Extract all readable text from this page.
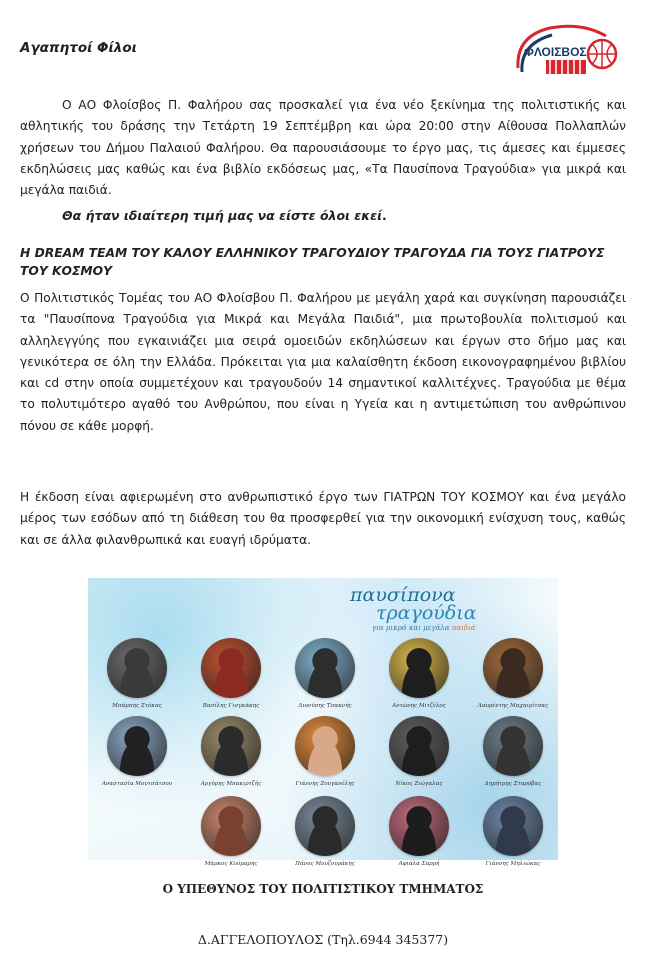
Αγαπητοί Φίλοι	ΦΛΟΙΣΒΟΣ

Ο ΑΟ Φλοίσβος Π. Φαλήρου σας προσκαλεί για ένα νέο ξεκίνημα της πολιτιστικής και αθλητικής του δράσης την Τετάρτη 19 Σεπτέμβρη και ώρα 20:00 στην Αίθουσα Πολλαπλών χρήσεων του Δήμου Παλαιού Φαλήρου. Θα παρουσιάσουμε το έργο μας, τις άμεσες και έμμεσες εκδηλώσεις μας καθώς και ένα βιβλίο εκδόσεως μας, «Τα Παυσίπονα Τραγούδια» για μικρά και μεγάλα παιδιά.

Θα ήταν ιδιαίτερη τιμή μας να είστε όλοι εκεί.

Η DREAM TEAM ΤΟΥ ΚΑΛΟΥ ΕΛΛΗΝΙΚΟΥ ΤΡΑΓΟΥΔΙΟΥ ΤΡΑΓΟΥΔΑ ΓΙΑ ΤΟΥΣ ΓΙΑΤΡΟΥΣ ΤΟΥ ΚΟΣΜΟΥ

Ο Πολιτιστικός Τομέας του ΑΟ Φλοίσβου Π. Φαλήρου με μεγάλη χαρά και συγκίνηση παρουσιάζει τα "Παυσίπονα Τραγούδια για Μικρά και Μεγάλα Παιδιά", μια πρωτοβουλία πολιτισμού και αλληλεγγύης που εγκαινιάζει μια σειρά ομοειδών εκδηλώσεων και έργων στο δήμο μας και γενικότερα σε όλη την Ελλάδα. Πρόκειται για μια καλαίσθητη έκδοση εικονογραφημένου βιβλίου και cd στην οποία συμμετέχουν και τραγουδούν 14 σημαντικοί καλλιτέχνες. Τραγούδια με θέμα το πολυτιμότερο αγαθό του Ανθρώπου, που είναι η Υγεία και η αντιμετώπιση του ανθρώπινου πόνου σε κάθε μορφή.

Η έκδοση είναι αφιερωμένη στο ανθρωπιστικό έργο των ΓΙΑΤΡΩΝ ΤΟΥ ΚΟΣΜΟΥ και ένα μεγάλο μέρος των εσόδων από τη διάθεση του θα προσφερθεί για την οικονομική ενίσχυση τους, καθώς και σε άλλα φιλανθρωπικά και ευαγή ιδρύματα.

παυσίπονα
τραγούδια
για μικρά και μεγάλα παιδιά
Μπάμπης Στόκας	Βασίλης Γισγκάκης	Διονύσης Τσακνής	Αντώνης Μιτζέλος	Λαυρέντης Μαχαιρίτσας
Αναστασία Μουτσάτσου	Αργύρης Μπακιρτζής	Γιάννης Ζουγανέλης	Νίκος Ζιώγαλας	Δημήτρης Σταρόβας
Μάρκος Κούμαρης	Πάνος Μουζουράκης	Αφιάλα Σαρρή	Γιάννης Μηλιώκας
Ο ΥΠΕΘΥΝΟΣ ΤΟΥ ΠΟΛΙΤΙΣΤΙΚΟΥ ΤΜΗΜΑΤΟΣ
Δ.ΑΓΓΕΛΟΠΟΥΛΟΣ (Τηλ.6944 345377)
